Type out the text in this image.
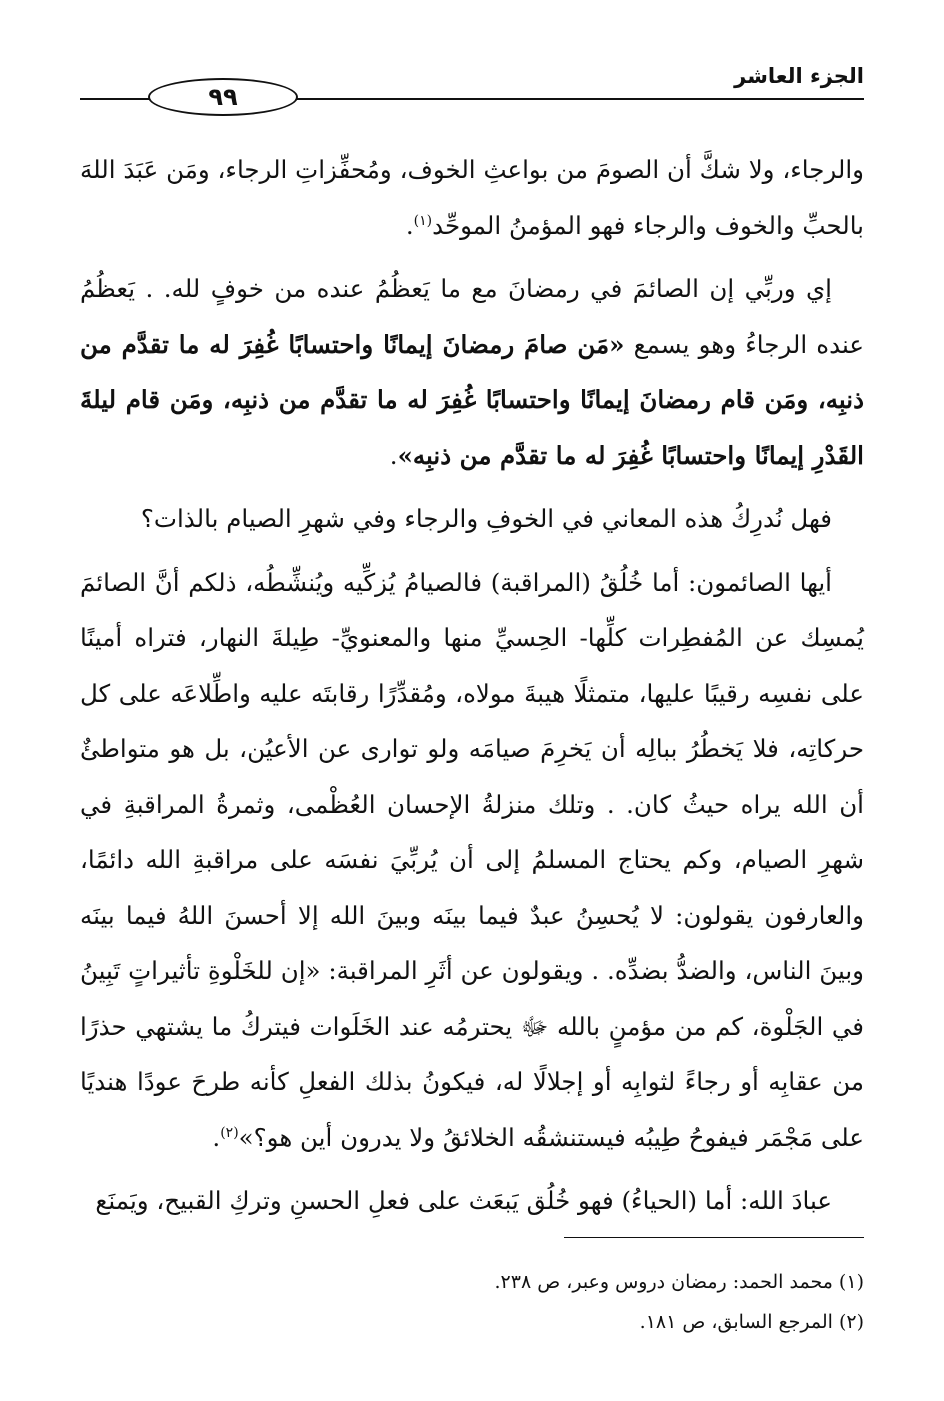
الجزء العاشر
٩٩

والرجاء، ولا شكَّ أن الصومَ من بواعثِ الخوف، ومُحفِّزاتِ الرجاء، ومَن عَبَدَ اللهَ بالحبِّ والخوف والرجاء فهو المؤمنُ الموحِّد$^{(١)}$.

إي وربِّي إن الصائمَ في رمضانَ مع ما يَعظُمُ عنده من خوفٍ لله. . يَعظُمُ عنده الرجاءُ وهو يسمع «مَن صامَ رمضانَ إيمانًا واحتسابًا غُفِرَ له ما تقدَّم من ذنبِه، ومَن قام رمضانَ إيمانًا واحتسابًا غُفِرَ له ما تقدَّم من ذنبِه، ومَن قام ليلةَ القَدْرِ إيمانًا واحتسابًا غُفِرَ له ما تقدَّم من ذنبِه».

فهل نُدرِكُ هذه المعاني في الخوفِ والرجاء وفي شهرِ الصيام بالذات؟

أيها الصائمون: أما خُلُقُ (المراقبة) فالصيامُ يُزكِّيه ويُنشِّطُه، ذلكم أنَّ الصائمَ يُمسِك عن المُفطِرات كلِّها- الحِسيِّ منها والمعنويِّ- طِيلةَ النهار، فتراه أمينًا على نفسِه رقيبًا عليها، متمثلًا هيبةَ مولاه، ومُقدِّرًا رقابتَه عليه واطِّلاعَه على كل حركاتِه، فلا يَخطُرُ ببالِه أن يَخرِمَ صيامَه ولو توارى عن الأعيُن، بل هو متواطئٌ أن الله يراه حيثُ كان. . وتلك منزلةُ الإحسان العُظْمى، وثمرةُ المراقبةِ في شهرِ الصيام، وكم يحتاج المسلمُ إلى أن يُربِّيَ نفسَه على مراقبةِ الله دائمًا، والعارفون يقولون: لا يُحسِنُ عبدٌ فيما بينَه وبينَ الله إلا أحسنَ اللهُ فيما بينَه وبينَ الناس، والضدُّ بضدِّه. . ويقولون عن أثَرِ المراقبة: «إن للخَلْوةِ تأثيراتٍ تَبِينُ في الجَلْوة، كم من مؤمنٍ بالله ﷻ يحترمُه عند الخَلَوات فيتركُ ما يشتهي حذرًا من عقابِه أو رجاءً لثوابِه أو إجلالًا له، فيكونُ بذلك الفعلِ كأنه طرحَ عودًا هنديًا على مَجْمَر فيفوحُ طِيبُه فيستنشقُه الخلائقُ ولا يدرون أين هو؟»$^{(٢)}$.

عبادَ الله: أما (الحياءُ) فهو خُلُق يَبعَث على فعلِ الحسنِ وتركِ القبيح، ويَمنَع

(١) محمد الحمد: رمضان دروس وعبر، ص ٢٣٨.
(٢) المرجع السابق، ص ١٨١.
